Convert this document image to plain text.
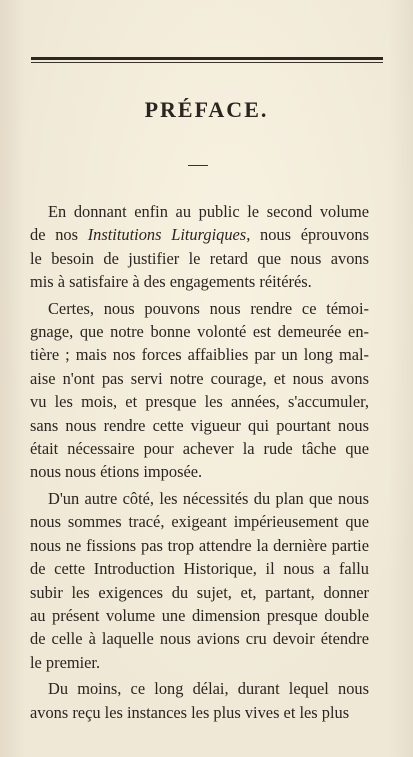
PRÉFACE.
En donnant enfin au public le second volume
de nos Institutions Liturgiques, nous éprouvons
le besoin de justifier le retard que nous avons
mis à satisfaire à des engagements réitérés.
Certes, nous pouvons nous rendre ce témoi-
gnage, que notre bonne volonté est demeurée en-
tière ; mais nos forces affaiblies par un long mal-
aise n'ont pas servi notre courage, et nous avons
vu les mois, et presque les années, s'accumuler,
sans nous rendre cette vigueur qui pourtant nous
était nécessaire pour achever la rude tâche que
nous nous étions imposée.
D'un autre côté, les nécessités du plan que nous
nous sommes tracé, exigeant impérieusement que
nous ne fissions pas trop attendre la dernière partie
de cette Introduction Historique, il nous a fallu
subir les exigences du sujet, et, partant, donner
au présent volume une dimension presque double
de celle à laquelle nous avions cru devoir étendre
le premier.
Du moins, ce long délai, durant lequel nous
avons reçu les instances les plus vives et les plus
